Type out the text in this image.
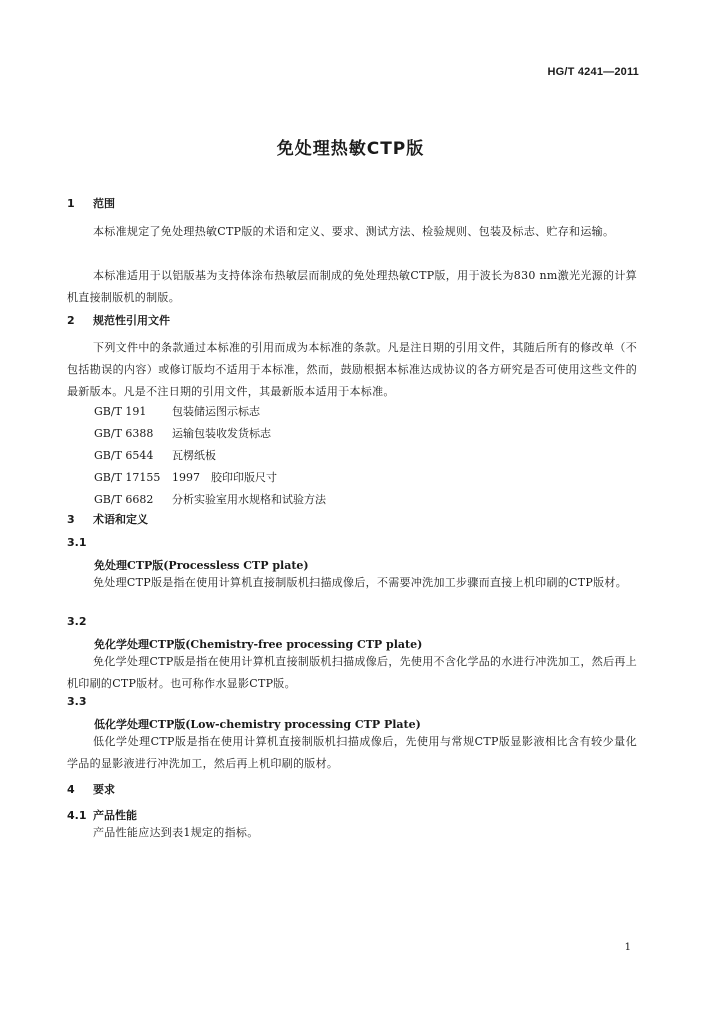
HG/T 4241—2011
免处理热敏CTP版
1 范围
本标准规定了免处理热敏CTP版的术语和定义、要求、测试方法、检验规则、包装及标志、贮存和运输。
本标准适用于以铝版基为支持体涂布热敏层而制成的免处理热敏CTP版，用于波长为830 nm激光光源的计算机直接制版机的制版。
2 规范性引用文件
下列文件中的条款通过本标准的引用而成为本标准的条款。凡是注日期的引用文件，其随后所有的修改单（不包括勘误的内容）或修订版均不适用于本标准，然而，鼓励根据本标准达成协议的各方研究是否可使用这些文件的最新版本。凡是不注日期的引用文件，其最新版本适用于本标准。
GB/T 191 包装储运图示标志
GB/T 6388 运输包装收发货标志
GB/T 6544 瓦楞纸板
GB/T 17155 1997　胶印印版尺寸
GB/T 6682 分析实验室用水规格和试验方法
3 术语和定义
3.1
免处理CTP版(Processless CTP plate)
免处理CTP版是指在使用计算机直接制版机扫描成像后，不需要冲洗加工步骤而直接上机印刷的CTP版材。
3.2
免化学处理CTP版(Chemistry-free processing CTP plate)
免化学处理CTP版是指在使用计算机直接制版机扫描成像后，先使用不含化学品的水进行冲洗加工，然后再上机印刷的CTP版材。也可称作水显影CTP版。
3.3
低化学处理CTP版(Low-chemistry processing CTP Plate)
低化学处理CTP版是指在使用计算机直接制版机扫描成像后，先使用与常规CTP版显影液相比含有较少量化学品的显影液进行冲洗加工，然后再上机印刷的版材。
4 要求
4.1 产品性能
产品性能应达到表1规定的指标。
1
